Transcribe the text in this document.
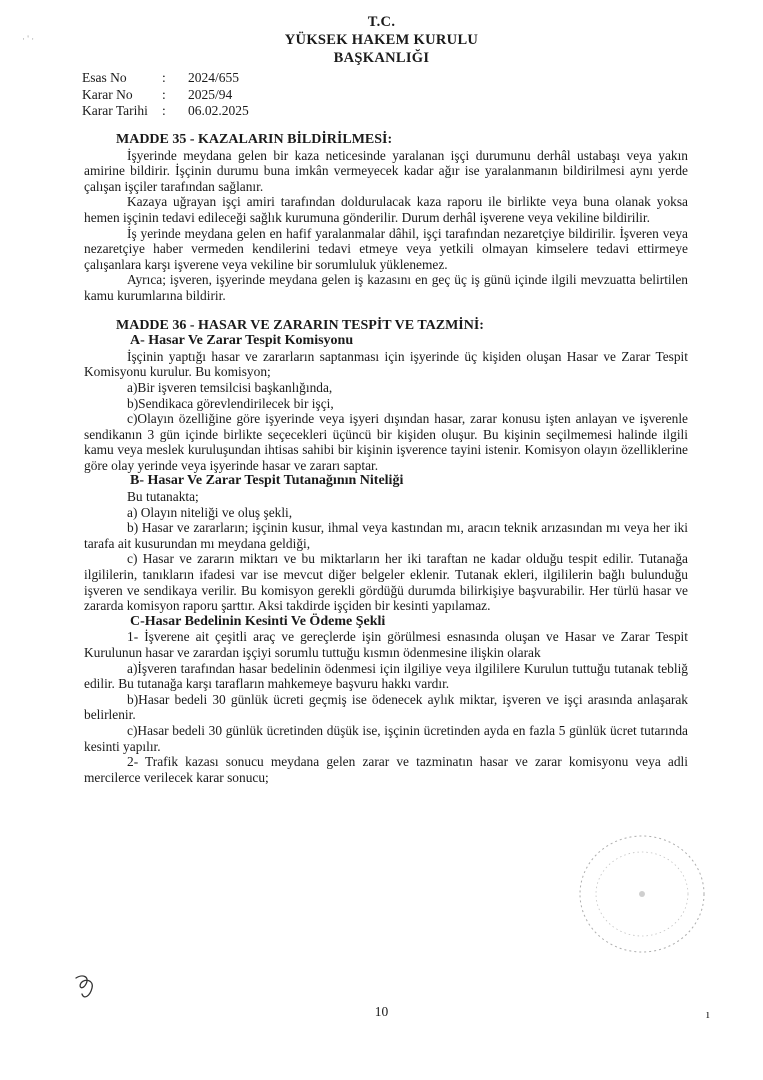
· ' ·
T.C.
YÜKSEK HAKEM KURULU
BAŞKANLIĞI
Esas No	:	2024/655
Karar No	:	2025/94
Karar Tarihi	:	06.02.2025
MADDE 35 - KAZALARIN BİLDİRİLMESİ:

İşyerinde meydana gelen bir kaza neticesinde yaralanan işçi durumunu derhâl ustabaşı veya yakın amirine bildirir. İşçinin durumu buna imkân vermeyecek kadar ağır ise yaralanmanın bildirilmesi aynı yerde çalışan işçiler tarafından sağlanır.

Kazaya uğrayan işçi amiri tarafından doldurulacak kaza raporu ile birlikte veya buna olanak yoksa hemen işçinin tedavi edileceği sağlık kurumuna gönderilir. Durum derhâl işverene veya vekiline bildirilir.

İş yerinde meydana gelen en hafif yaralanmalar dâhil, işçi tarafından nezaretçiye bildirilir. İşveren veya nezaretçiye haber vermeden kendilerini tedavi etmeye veya yetkili olmayan kimselere tedavi ettirmeye çalışanlara karşı işverene veya vekiline bir sorumluluk yüklenemez.

Ayrıca; işveren, işyerinde meydana gelen iş kazasını en geç üç iş günü içinde ilgili mevzuatta belirtilen kamu kurumlarına bildirir.

MADDE 36 - HASAR VE ZARARIN TESPİT VE TAZMİNİ:
A- Hasar Ve Zarar Tespit Komisyonu

İşçinin yaptığı hasar ve zararların saptanması için işyerinde üç kişiden oluşan Hasar ve Zarar Tespit Komisyonu kurulur. Bu komisyon;

a)Bir işveren temsilcisi başkanlığında,

b)Sendikaca görevlendirilecek bir işçi,

c)Olayın özelliğine göre işyerinde veya işyeri dışından hasar, zarar konusu işten anlayan ve işverenle sendikanın 3 gün içinde birlikte seçecekleri üçüncü bir kişiden oluşur. Bu kişinin seçilmemesi halinde ilgili kamu veya meslek kuruluşundan ihtisas sahibi bir kişinin işverence tayini istenir. Komisyon olayın özelliklerine göre olay yerinde veya işyerinde hasar ve zararı saptar.

B- Hasar Ve Zarar Tespit Tutanağının Niteliği

Bu tutanakta;

a) Olayın niteliği ve oluş şekli,

b) Hasar ve zararların; işçinin kusur, ihmal veya kastından mı, aracın teknik arızasından mı veya her iki tarafa ait kusurundan mı meydana geldiği,

c) Hasar ve zararın miktarı ve bu miktarların her iki taraftan ne kadar olduğu tespit edilir. Tutanağa ilgililerin, tanıkların ifadesi var ise mevcut diğer belgeler eklenir. Tutanak ekleri, ilgililerin bağlı bulunduğu işveren ve sendikaya verilir. Bu komisyon gerekli gördüğü durumda bilirkişiye başvurabilir. Her türlü hasar ve zararda komisyon raporu şarttır. Aksi takdirde işçiden bir kesinti yapılamaz.

C-Hasar Bedelinin Kesinti Ve Ödeme Şekli

1- İşverene ait çeşitli araç ve gereçlerde işin görülmesi esnasında oluşan ve Hasar ve Zarar Tespit Kurulunun hasar ve zarardan işçiyi sorumlu tuttuğu kısmın ödenmesine ilişkin olarak

a)İşveren tarafından hasar bedelinin ödenmesi için ilgiliye veya ilgililere Kurulun tuttuğu tutanak tebliğ edilir. Bu tutanağa karşı tarafların mahkemeye başvuru hakkı vardır.

b)Hasar bedeli 30 günlük ücreti geçmiş ise ödenecek aylık miktar, işveren ve işçi arasında anlaşarak belirlenir.

c)Hasar bedeli 30 günlük ücretinden düşük ise, işçinin ücretinden ayda en fazla 5 günlük ücret tutarında kesinti yapılır.

2- Trafik kazası sonucu meydana gelen zarar ve tazminatın hasar ve zarar komisyonu veya adli mercilerce verilecek karar sonucu;

10	ı
